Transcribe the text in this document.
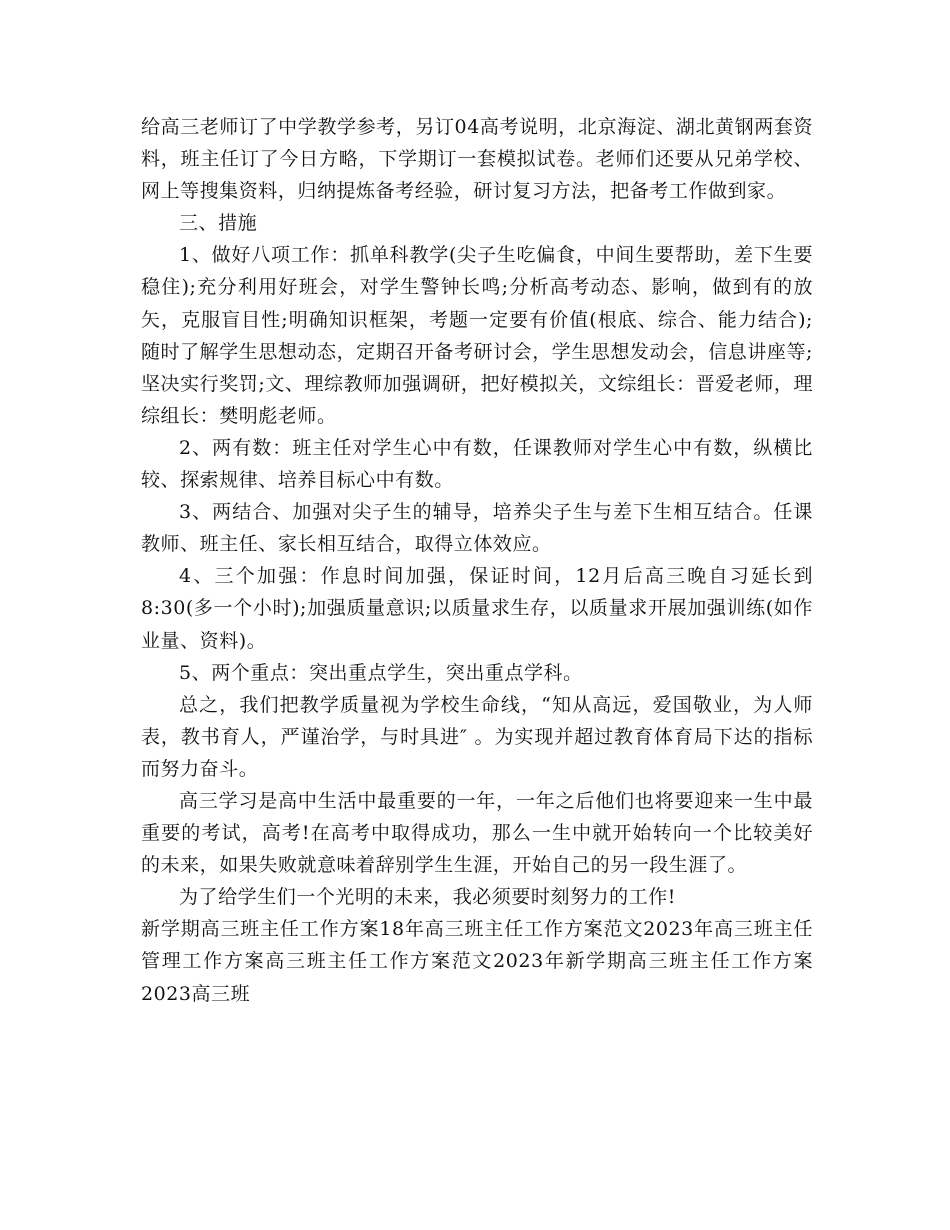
给高三老师订了中学教学参考，另订04高考说明，北京海淀、湖北黄钢两套资料，班主任订了今日方略，下学期订一套模拟试卷。老师们还要从兄弟学校、网上等搜集资料，归纳提炼备考经验，研讨复习方法，把备考工作做到家。

三、措施

1、做好八项工作：抓单科教学(尖子生吃偏食，中间生要帮助，差下生要稳住);充分利用好班会，对学生警钟长鸣;分析高考动态、影响，做到有的放矢，克服盲目性;明确知识框架，考题一定要有价值(根底、综合、能力结合);随时了解学生思想动态，定期召开备考研讨会，学生思想发动会，信息讲座等;坚决实行奖罚;文、理综教师加强调研，把好模拟关，文综组长：晋爱老师，理综组长：樊明彪老师。

2、两有数：班主任对学生心中有数，任课教师对学生心中有数，纵横比较、探索规律、培养目标心中有数。

3、两结合、加强对尖子生的辅导，培养尖子生与差下生相互结合。任课教师、班主任、家长相互结合，取得立体效应。

4、三个加强：作息时间加强，保证时间，12月后高三晚自习延长到8:30(多一个小时);加强质量意识;以质量求生存，以质量求开展加强训练(如作业量、资料)。

5、两个重点：突出重点学生，突出重点学科。

总之，我们把教学质量视为学校生命线，“知从高远，爱国敬业，为人师表，教书育人，严谨治学，与时具进″ 。为实现并超过教育体育局下达的指标而努力奋斗。

高三学习是高中生活中最重要的一年，一年之后他们也将要迎来一生中最重要的考试，高考!在高考中取得成功，那么一生中就开始转向一个比较美好的未来，如果失败就意味着辞别学生生涯，开始自己的另一段生涯了。

为了给学生们一个光明的未来，我必须要时刻努力的工作!

新学期高三班主任工作方案18年高三班主任工作方案范文2023年高三班主任管理工作方案高三班主任工作方案范文2023年新学期高三班主任工作方案2023高三班
